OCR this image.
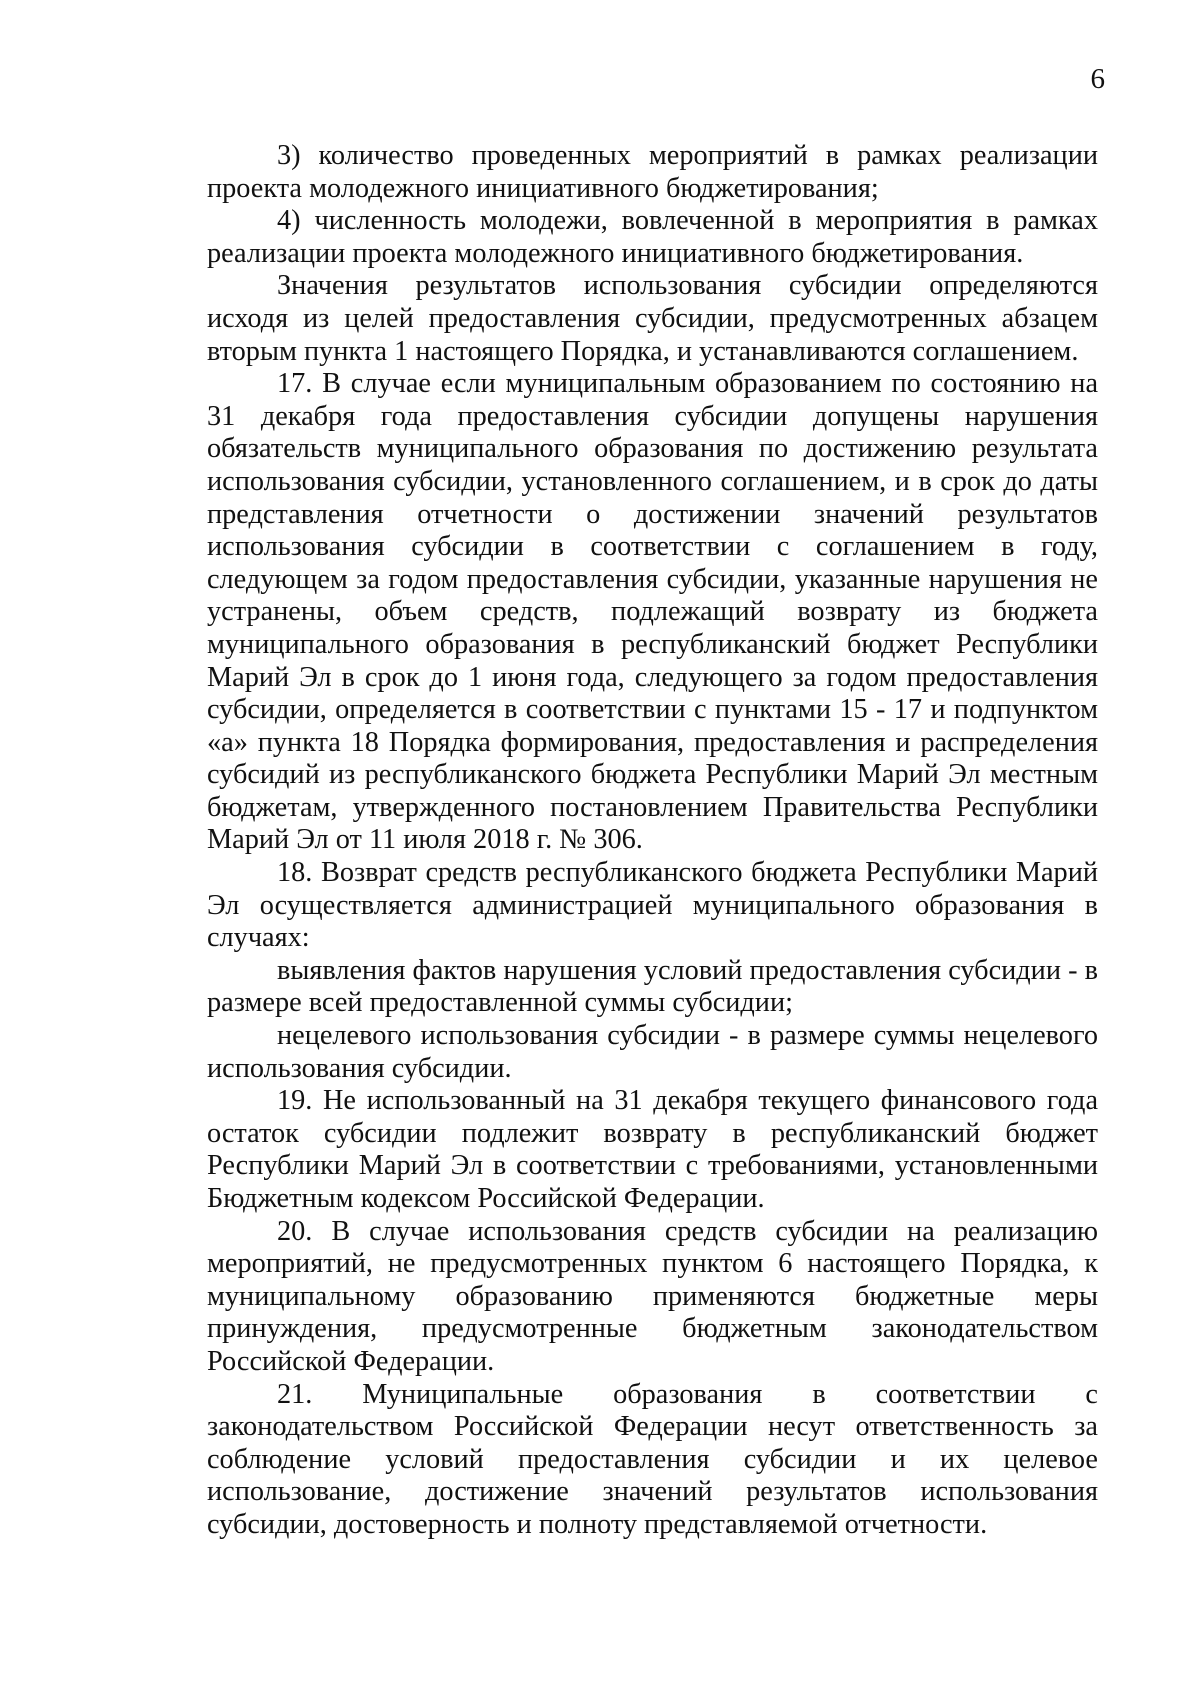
6

3) количество проведенных мероприятий в рамках реализации проекта молодежного инициативного бюджетирования;

4) численность молодежи, вовлеченной в мероприятия в рамках реализации проекта молодежного инициативного бюджетирования.

Значения результатов использования субсидии определяются исходя из целей предоставления субсидии, предусмотренных абзацем вторым пункта 1 настоящего Порядка, и устанавливаются соглашением.

17. В случае если муниципальным образованием по состоянию на 31 декабря года предоставления субсидии допущены нарушения обязательств муниципального образования по достижению результата использования субсидии, установленного соглашением, и в срок до даты представления отчетности о достижении значений результатов использования субсидии в соответствии с соглашением в году, следующем за годом предоставления субсидии, указанные нарушения не устранены, объем средств, подлежащий возврату из бюджета муниципального образования в республиканский бюджет Республики Марий Эл в срок до 1 июня года, следующего за годом предоставления субсидии, определяется в соответствии с пунктами 15 - 17 и подпунктом «а» пункта 18 Порядка формирования, предоставления и распределения субсидий из республиканского бюджета Республики Марий Эл местным бюджетам, утвержденного постановлением Правительства Республики Марий Эл от 11 июля 2018 г. № 306.

18. Возврат средств республиканского бюджета Республики Марий Эл осуществляется администрацией муниципального образования в случаях:

выявления фактов нарушения условий предоставления субсидии - в размере всей предоставленной суммы субсидии;

нецелевого использования субсидии - в размере суммы нецелевого использования субсидии.

19. Не использованный на 31 декабря текущего финансового года остаток субсидии подлежит возврату в республиканский бюджет Республики Марий Эл в соответствии с требованиями, установленными Бюджетным кодексом Российской Федерации.

20. В случае использования средств субсидии на реализацию мероприятий, не предусмотренных пунктом 6 настоящего Порядка, к муниципальному образованию применяются бюджетные меры принуждения, предусмотренные бюджетным законодательством Российской Федерации.

21. Муниципальные образования в соответствии с законодательством Российской Федерации несут ответственность за соблюдение условий предоставления субсидии и их целевое использование, достижение значений результатов использования субсидии, достоверность и полноту представляемой отчетности.
